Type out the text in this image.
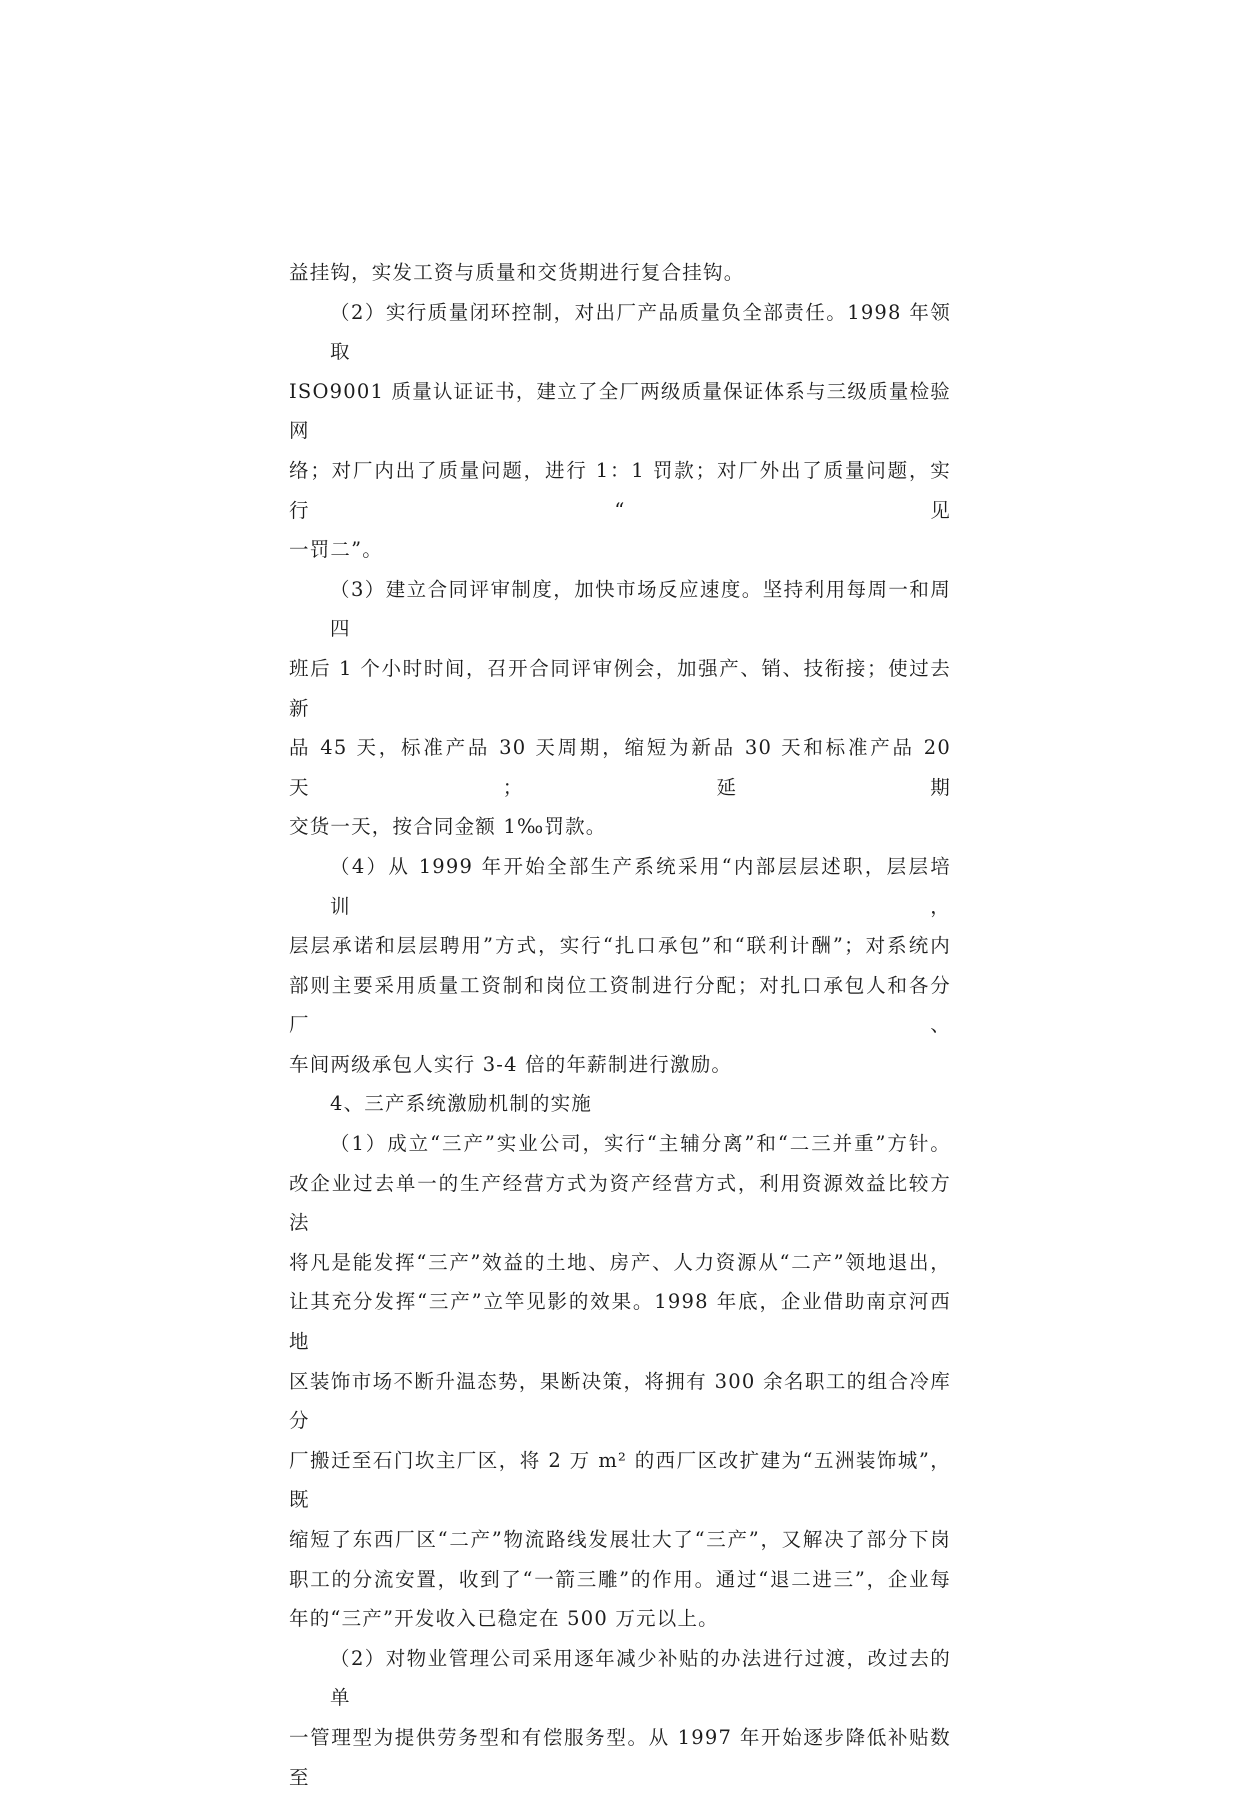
益挂钩，实发工资与质量和交货期进行复合挂钩。

（2）实行质量闭环控制，对出厂产品质量负全部责任。1998 年领取
ISO9001 质量认证证书，建立了全厂两级质量保证体系与三级质量检验网
络；对厂内出了质量问题，进行 1：1 罚款；对厂外出了质量问题，实行“见
一罚二”。

（3）建立合同评审制度，加快市场反应速度。坚持利用每周一和周四
班后 1 个小时时间，召开合同评审例会，加强产、销、技衔接；使过去新
品 45 天，标准产品 30 天周期，缩短为新品 30 天和标准产品 20 天；延期
交货一天，按合同金额 1‰罚款。

（4）从 1999 年开始全部生产系统采用“内部层层述职，层层培训，
层层承诺和层层聘用”方式，实行“扎口承包”和“联利计酬”；对系统内
部则主要采用质量工资制和岗位工资制进行分配；对扎口承包人和各分厂、
车间两级承包人实行 3-4 倍的年薪制进行激励。

4、三产系统激励机制的实施

（1）成立“三产”实业公司，实行“主辅分离”和“二三并重”方针。
改企业过去单一的生产经营方式为资产经营方式，利用资源效益比较方法
将凡是能发挥“三产”效益的土地、房产、人力资源从“二产”领地退出，
让其充分发挥“三产”立竿见影的效果。1998 年底，企业借助南京河西地
区装饰市场不断升温态势，果断决策，将拥有 300 余名职工的组合冷库分
厂搬迁至石门坎主厂区，将 2 万 m² 的西厂区改扩建为“五洲装饰城”，既
缩短了东西厂区“二产”物流路线发展壮大了“三产”，又解决了部分下岗
职工的分流安置，收到了“一箭三雕”的作用。通过“退二进三”，企业每
年的“三产”开发收入已稳定在 500 万元以上。

（2）对物业管理公司采用逐年减少补贴的办法进行过渡，改过去的单
一管理型为提供劳务型和有偿服务型。从 1997 年开始逐步降低补贴数至
